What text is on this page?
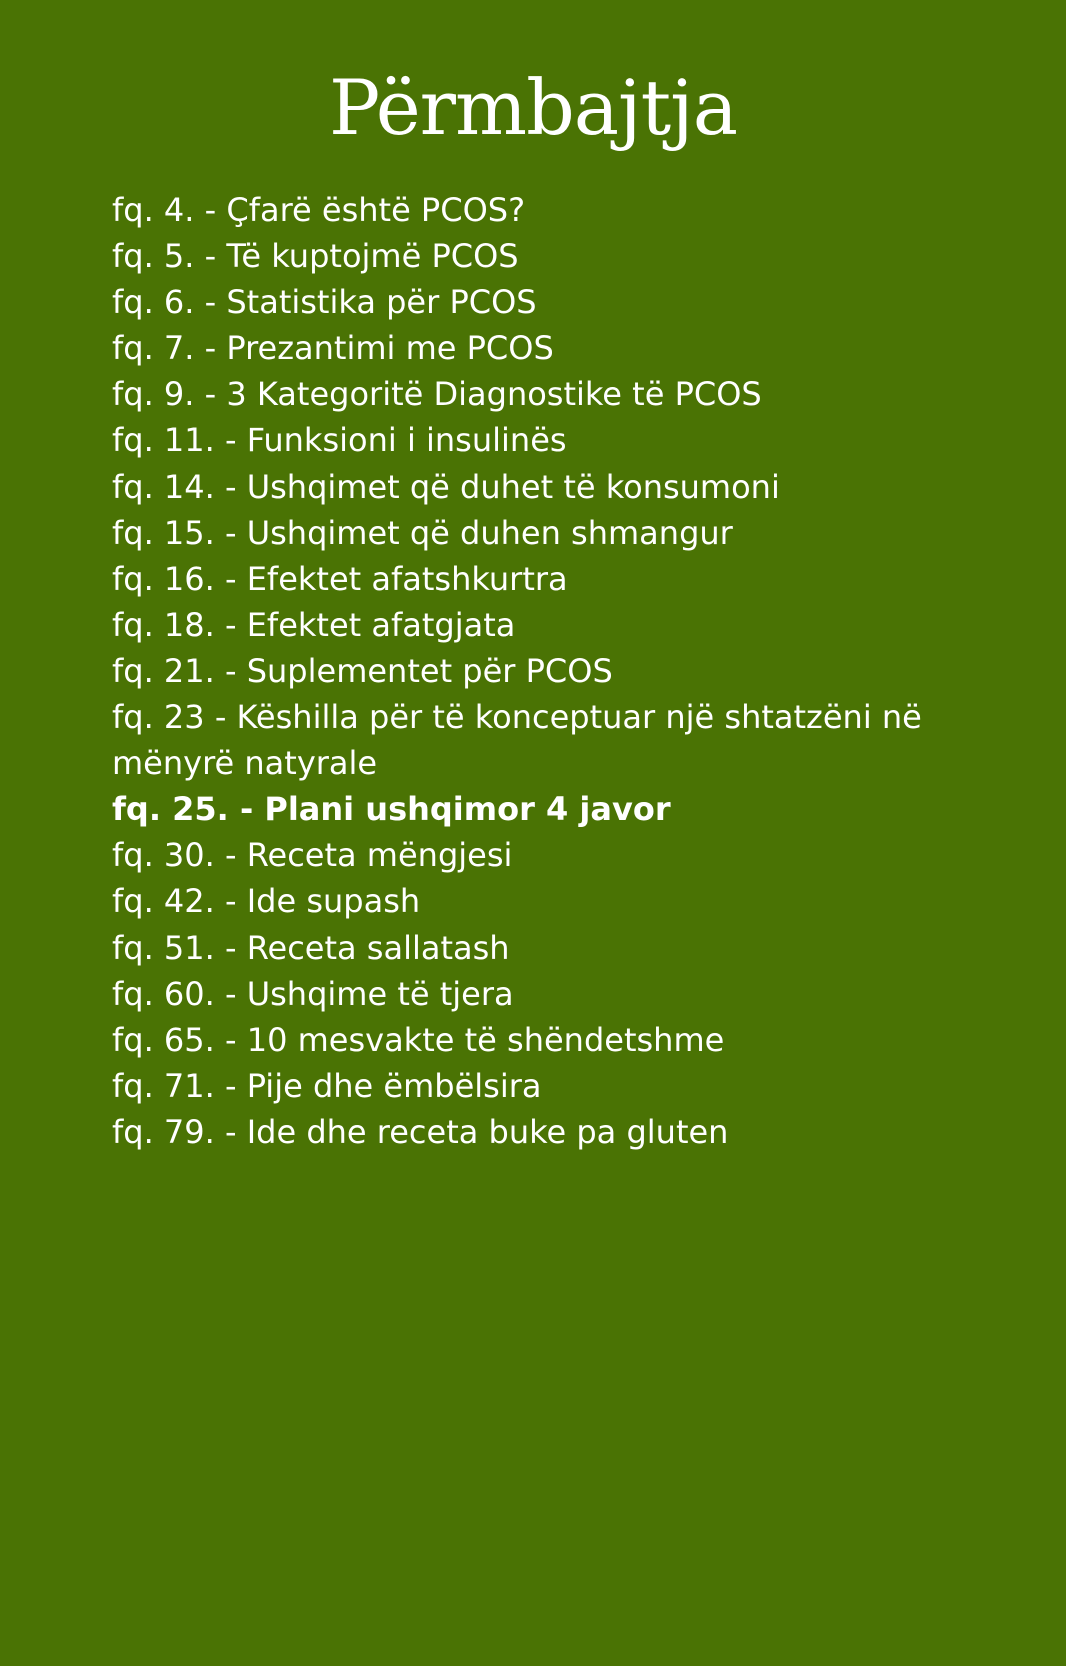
Përmbajtja
fq. 4. - Çfarë është PCOS?
fq. 5. - Të kuptojmë PCOS
fq. 6. - Statistika për PCOS
fq. 7. - Prezantimi me PCOS
fq. 9. - 3 Kategoritë Diagnostike të PCOS
fq. 11. - Funksioni i insulinës
fq. 14. - Ushqimet që duhet të konsumoni
fq. 15. - Ushqimet që duhen shmangur
fq. 16. - Efektet afatshkurtra
fq. 18. - Efektet afatgjata
fq. 21. - Suplementet për PCOS
fq. 23 - Këshilla për të konceptuar një shtatzëni në mënyrë natyrale
fq. 25. - Plani ushqimor 4 javor
fq. 30. - Receta mëngjesi
fq. 42. - Ide supash
fq. 51. - Receta sallatash
fq. 60. - Ushqime të tjera
fq. 65. - 10 mesvakte të shëndetshme
fq. 71. - Pije dhe ëmbëlsira
fq. 79. - Ide dhe receta buke pa gluten
